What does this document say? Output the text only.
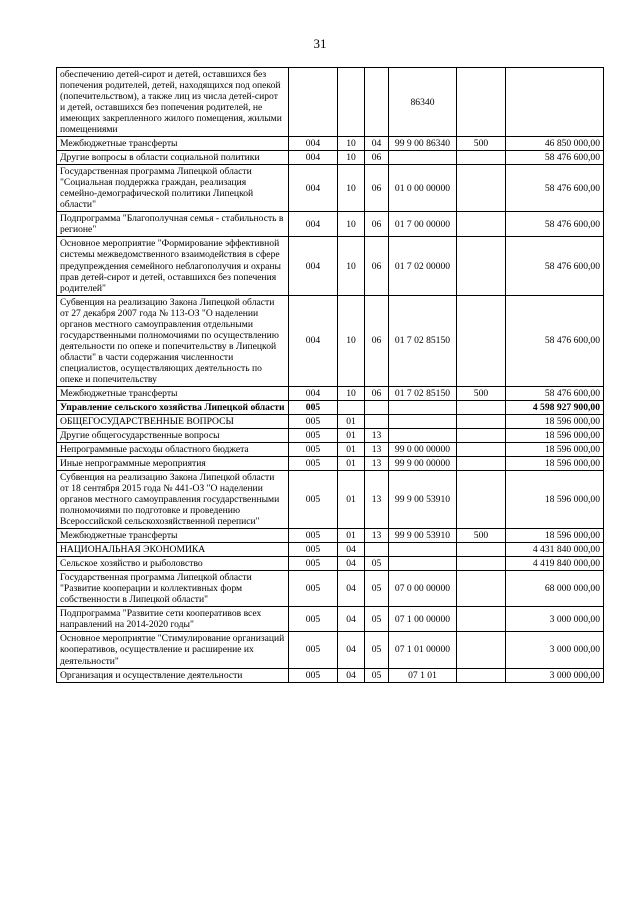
31
обеспечению детей-сирот и детей, оставшихся без попечения родителей, детей, находящихся под опекой (попечительством), а также лиц из числа детей-сирот и детей, оставшихся без попечения родителей, не имеющих закрепленного жилого помещения, жилыми помещениями				86340		
Межбюджетные трансферты	004	10	04	99 9 00 86340	500	46 850 000,00
Другие вопросы в области социальной политики	004	10	06			58 476 600,00
Государственная программа Липецкой области "Социальная поддержка граждан, реализация семейно-демографической политики Липецкой области"	004	10	06	01 0 00 00000		58 476 600,00
Подпрограмма "Благополучная семья - стабильность в регионе"	004	10	06	01 7 00 00000		58 476 600,00
Основное мероприятие "Формирование эффективной системы межведомственного взаимодействия в сфере предупреждения семейного неблагополучия и охраны прав детей-сирот и детей, оставшихся без попечения родителей"	004	10	06	01 7 02 00000		58 476 600,00
Субвенция на реализацию Закона Липецкой области от 27 декабря 2007 года № 113-ОЗ "О наделении органов местного самоуправления отдельными государственными полномочиями по осуществлению деятельности по опеке и попечительству в Липецкой области" в части содержания численности специалистов, осуществляющих деятельность по опеке и попечительству	004	10	06	01 7 02 85150		58 476 600,00
Межбюджетные трансферты	004	10	06	01 7 02 85150	500	58 476 600,00
Управление сельского хозяйства Липецкой области	005					4 598 927 900,00
ОБЩЕГОСУДАРСТВЕННЫЕ ВОПРОСЫ	005	01				18 596 000,00
Другие общегосударственные вопросы	005	01	13			18 596 000,00
Непрограммные расходы областного бюджета	005	01	13	99 0 00 00000		18 596 000,00
Иные непрограммные мероприятия	005	01	13	99 9 00 00000		18 596 000,00
Субвенция на реализацию Закона Липецкой области от 18 сентября 2015 года № 441-ОЗ "О наделении органов местного самоуправления государственными полномочиями по подготовке и проведению Всероссийской сельскохозяйственной переписи"	005	01	13	99 9 00 53910		18 596 000,00
Межбюджетные трансферты	005	01	13	99 9 00 53910	500	18 596 000,00
НАЦИОНАЛЬНАЯ ЭКОНОМИКА	005	04				4 431 840 000,00
Сельское хозяйство и рыболовство	005	04	05			4 419 840 000,00
Государственная программа Липецкой области "Развитие кооперации и коллективных форм собственности в Липецкой области"	005	04	05	07 0 00 00000		68 000 000,00
Подпрограмма "Развитие сети кооперативов всех направлений на 2014-2020 годы"	005	04	05	07 1 00 00000		3 000 000,00
Основное мероприятие "Стимулирование организаций кооперативов, осуществление и расширение их деятельности"	005	04	05	07 1 01 00000		3 000 000,00
Организация и осуществление деятельности	005	04	05	07 1 01		3 000 000,00
